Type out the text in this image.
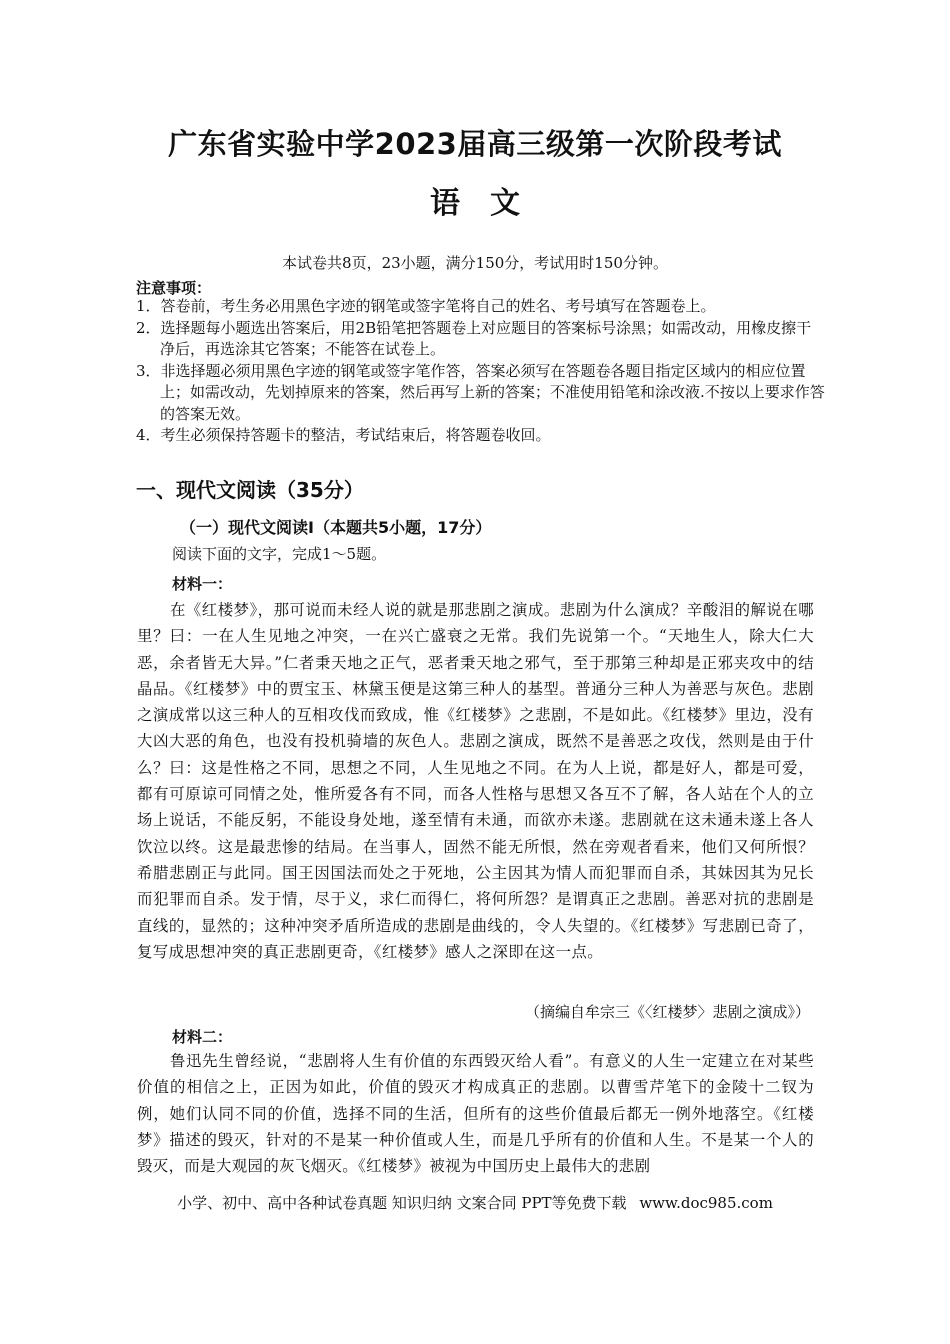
广东省实验中学2023届高三级第一次阶段考试
语　文
本试卷共8页，23小题，满分150分，考试用时150分钟。
注意事项：
1．答卷前，考生务必用黑色字迹的钢笔或签字笔将自己的姓名、考号填写在答题卷上。
2．选择题每小题选出答案后，用2B铅笔把答题卷上对应题目的答案标号涂黑；如需改动，用橡皮擦干净后，再选涂其它答案；不能答在试卷上。
3．非选择题必须用黑色字迹的钢笔或签字笔作答，答案必须写在答题卷各题目指定区域内的相应位置上；如需改动，先划掉原来的答案，然后再写上新的答案；不准使用铅笔和涂改液.不按以上要求作答的答案无效。
4．考生必须保持答题卡的整洁，考试结束后，将答题卷收回。
一、现代文阅读（35分）
（一）现代文阅读Ⅰ（本题共5小题，17分）
阅读下面的文字，完成1～5题。
材料一：

在《红楼梦》，那可说而未经人说的就是那悲剧之演成。悲剧为什么演成？辛酸泪的解说在哪里？曰：一在人生见地之冲突，一在兴亡盛衰之无常。我们先说第一个。“天地生人，除大仁大恶，余者皆无大异。”仁者秉天地之正气，恶者秉天地之邪气，至于那第三种却是正邪夹攻中的结晶品。《红楼梦》中的贾宝玉、林黛玉便是这第三种人的基型。普通分三种人为善恶与灰色。悲剧之演成常以这三种人的互相攻伐而致成，惟《红楼梦》之悲剧，不是如此。《红楼梦》里边，没有大凶大恶的角色，也没有投机骑墙的灰色人。悲剧之演成，既然不是善恶之攻伐，然则是由于什么？曰：这是性格之不同，思想之不同，人生见地之不同。在为人上说，都是好人，都是可爱，都有可原谅可同情之处，惟所爱各有不同，而各人性格与思想又各互不了解，各人站在个人的立场上说话，不能反躬，不能设身处地，遂至情有未通，而欲亦未遂。悲剧就在这未通未遂上各人饮泣以终。这是最悲惨的结局。在当事人，固然不能无所恨，然在旁观者看来，他们又何所恨？希腊悲剧正与此同。国王因国法而处之于死地，公主因其为情人而犯罪而自杀，其妹因其为兄长而犯罪而自杀。发于情，尽于义，求仁而得仁，将何所怨？是谓真正之悲剧。善恶对抗的悲剧是直线的，显然的；这种冲突矛盾所造成的悲剧是曲线的，令人失望的。《红楼梦》写悲剧已奇了，复写成思想冲突的真正悲剧更奇，《红楼梦》感人之深即在这一点。

（摘编自牟宗三《〈红楼梦〉悲剧之演成》）
材料二：

鲁迅先生曾经说，“悲剧将人生有价值的东西毁灭给人看”。有意义的人生一定建立在对某些价值的相信之上，正因为如此，价值的毁灭才构成真正的悲剧。以曹雪芹笔下的金陵十二钗为例，她们认同不同的价值，选择不同的生活，但所有的这些价值最后都无一例外地落空。《红楼梦》描述的毁灭，针对的不是某一种价值或人生，而是几乎所有的价值和人生。不是某一个人的毁灭，而是大观园的灰飞烟灭。《红楼梦》被视为中国历史上最伟大的悲剧

小学、初中、高中各种试卷真题 知识归纳 文案合同 PPT等免费下载 www.doc985.com
